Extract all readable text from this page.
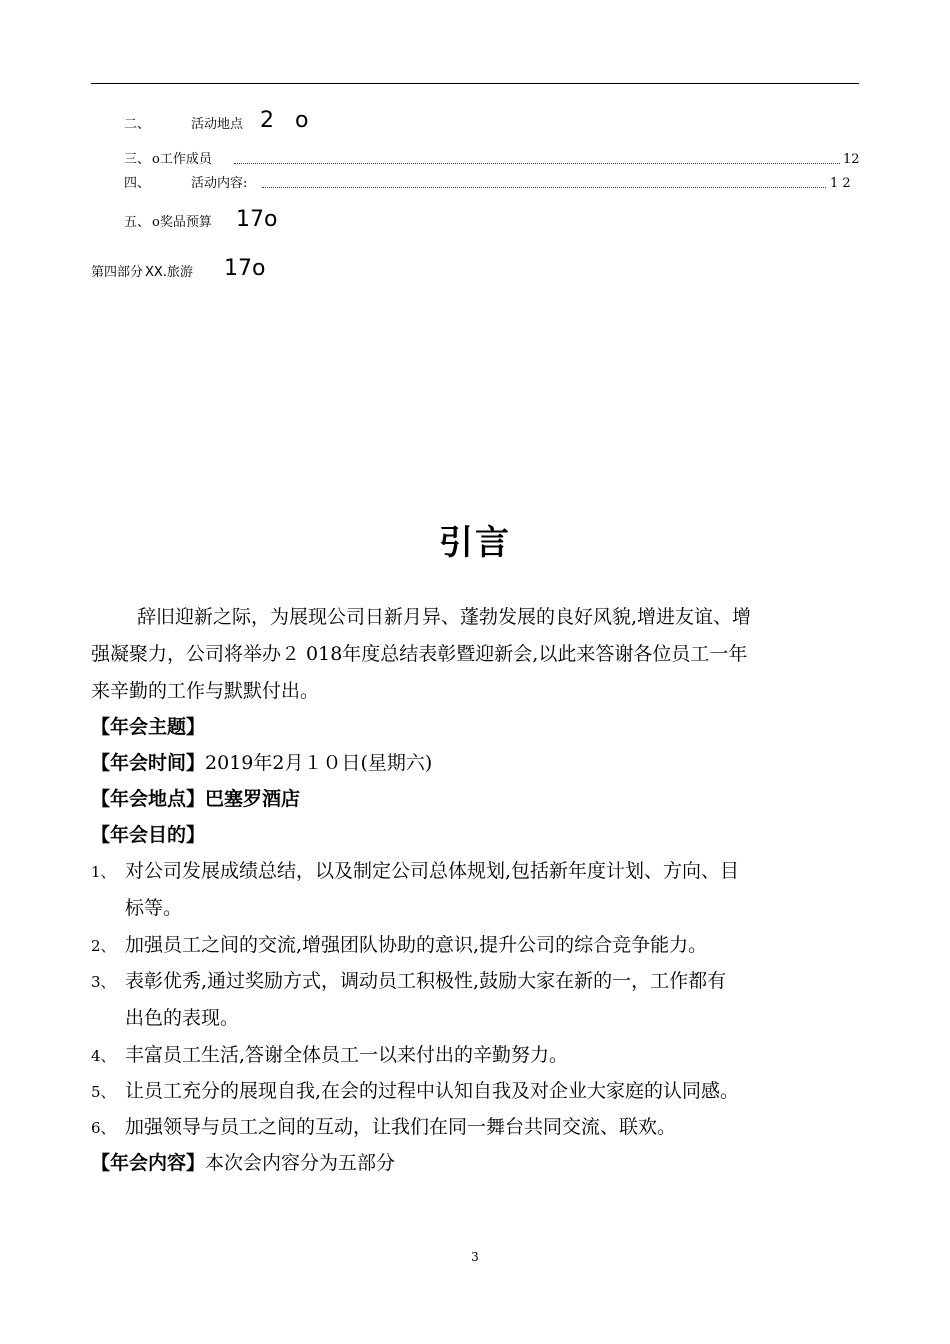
二、	活动地点 2 o
三、 o工作成员	12
四、	活动内容:	1 2
五、 o奖品预算 17o
第四部分 XX.旅游 17o
引言
辞旧迎新之际，为展现公司日新月异、蓬勃发展的良好风貌,增进友谊、增
强凝聚力，公司将举办２ 018年度总结表彰暨迎新会,以此来答谢各位员工一年
来辛勤的工作与默默付出。
【年会主题】
【年会时间】2019年2月１０日(星期六)
【年会地点】巴塞罗酒店
【年会目的】
1、 对公司发展成绩总结，以及制定公司总体规划,包括新年度计划、方向、目
标等。
2、 加强员工之间的交流,增强团队协助的意识,提升公司的综合竞争能力。
3、 表彰优秀,通过奖励方式，调动员工积极性,鼓励大家在新的一，工作都有
出色的表现。
4、 丰富员工生活,答谢全体员工一以来付出的辛勤努力。
5、 让员工充分的展现自我,在会的过程中认知自我及对企业大家庭的认同感。
6、 加强领导与员工之间的互动，让我们在同一舞台共同交流、联欢。
【年会内容】本次会内容分为五部分
3
